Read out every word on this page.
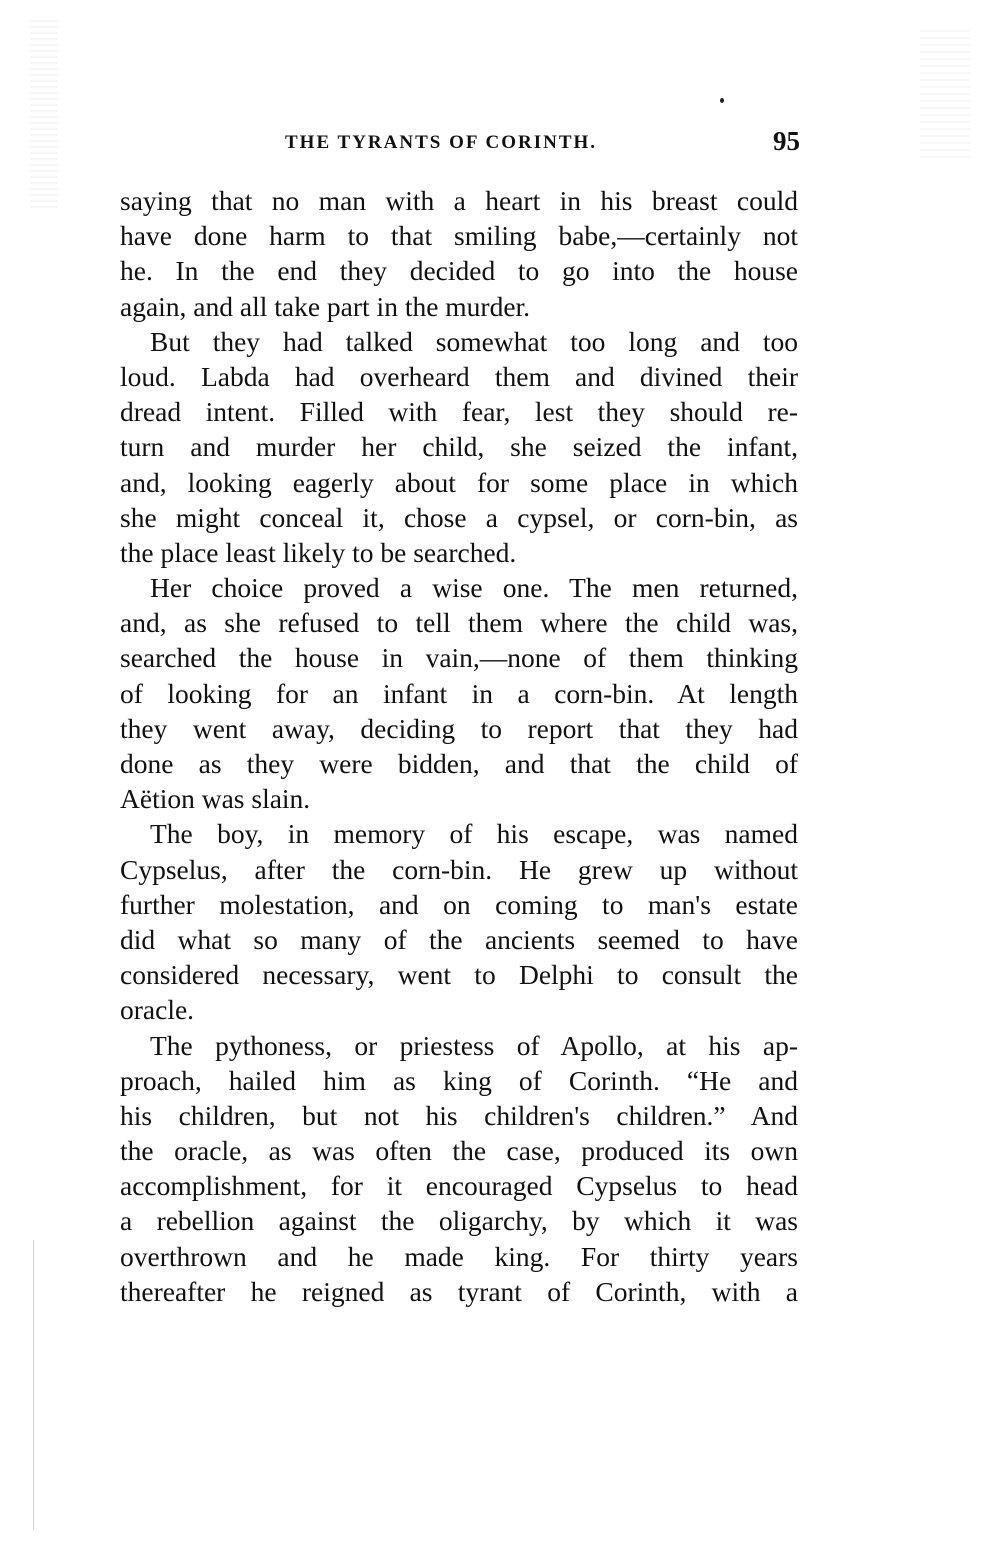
THE TYRANTS OF CORINTH.	95
saying that no man with a heart in his breast could
have done harm to that smiling babe,—certainly not
he. In the end they decided to go into the house
again, and all take part in the murder.
But they had talked somewhat too long and too
loud. Labda had overheard them and divined their
dread intent. Filled with fear, lest they should re-
turn and murder her child, she seized the infant,
and, looking eagerly about for some place in which
she might conceal it, chose a cypsel, or corn-bin, as
the place least likely to be searched.
Her choice proved a wise one. The men returned,
and, as she refused to tell them where the child was,
searched the house in vain,—none of them thinking
of looking for an infant in a corn-bin. At length
they went away, deciding to report that they had
done as they were bidden, and that the child of
Aëtion was slain.
The boy, in memory of his escape, was named
Cypselus, after the corn-bin. He grew up without
further molestation, and on coming to man's estate
did what so many of the ancients seemed to have
considered necessary, went to Delphi to consult the
oracle.
The pythoness, or priestess of Apollo, at his ap-
proach, hailed him as king of Corinth. “He and
his children, but not his children's children.” And
the oracle, as was often the case, produced its own
accomplishment, for it encouraged Cypselus to head
a rebellion against the oligarchy, by which it was
overthrown and he made king. For thirty years
thereafter he reigned as tyrant of Corinth, with a
